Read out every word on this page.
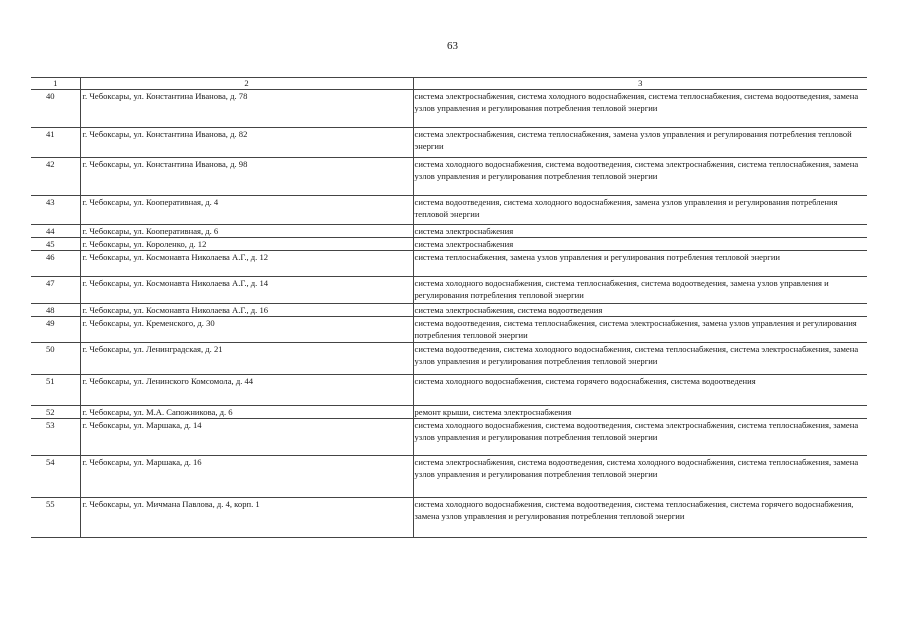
63
1	2	3
40	г. Чебоксары, ул. Константина Иванова, д. 78	система электроснабжения, система холодного водоснабжения, система теплоснабжения, система водоотведения, замена узлов управления и регулирования потребления тепловой энергии
41	г. Чебоксары, ул. Константина Иванова, д. 82	система электроснабжения, система теплоснабжения, замена узлов управления и регулирования потребления тепловой энергии
42	г. Чебоксары, ул. Константина Иванова, д. 98	система холодного водоснабжения, система водоотведения, система электроснабжения, система теплоснабжения, замена узлов управления и регулирования потребления тепловой энергии
43	г. Чебоксары, ул. Кооперативная, д. 4	система водоотведения, система холодного водоснабжения, замена узлов управления и регулирования потребления тепловой энергии
44	г. Чебоксары, ул. Кооперативная, д. 6	система электроснабжения
45	г. Чебоксары, ул. Короленко, д. 12	система электроснабжения
46	г. Чебоксары, ул. Космонавта Николаева А.Г., д. 12	система теплоснабжения, замена узлов управления и регулирования потребления тепловой энергии
47	г. Чебоксары, ул. Космонавта Николаева А.Г., д. 14	система холодного водоснабжения, система теплоснабжения, система водоотведения, замена узлов управления и регулирования потребления тепловой энергии
48	г. Чебоксары, ул. Космонавта Николаева А.Г., д. 16	система электроснабжения, система водоотведения
49	г. Чебоксары, ул. Кременского, д. 30	система водоотведения, система теплоснабжения, система электроснабжения, замена узлов управления и регулирования потребления тепловой энергии
50	г. Чебоксары, ул. Ленинградская, д. 21	система водоотведения, система холодного водоснабжения, система теплоснабжения, система электроснабжения, замена узлов управления и регулирования потребления тепловой энергии
51	г. Чебоксары, ул. Ленинского Комсомола, д. 44	система холодного водоснабжения, система горячего водоснабжения, система водоотведения
52	г. Чебоксары, ул. М.А. Сапожникова, д. 6	ремонт крыши, система электроснабжения
53	г. Чебоксары, ул. Маршака, д. 14	система холодного водоснабжения, система водоотведения, система электроснабжения, система теплоснабжения, замена узлов управления и регулирования потребления тепловой энергии
54	г. Чебоксары, ул. Маршака, д. 16	система электроснабжения, система водоотведения, система холодного водоснабжения, система теплоснабжения, замена узлов управления и регулирования потребления тепловой энергии
55	г. Чебоксары, ул. Мичмана Павлова, д. 4, корп. 1	система холодного водоснабжения, система водоотведения, система теплоснабжения, система горячего водоснабжения, замена узлов управления и регулирования потребления тепловой энергии
